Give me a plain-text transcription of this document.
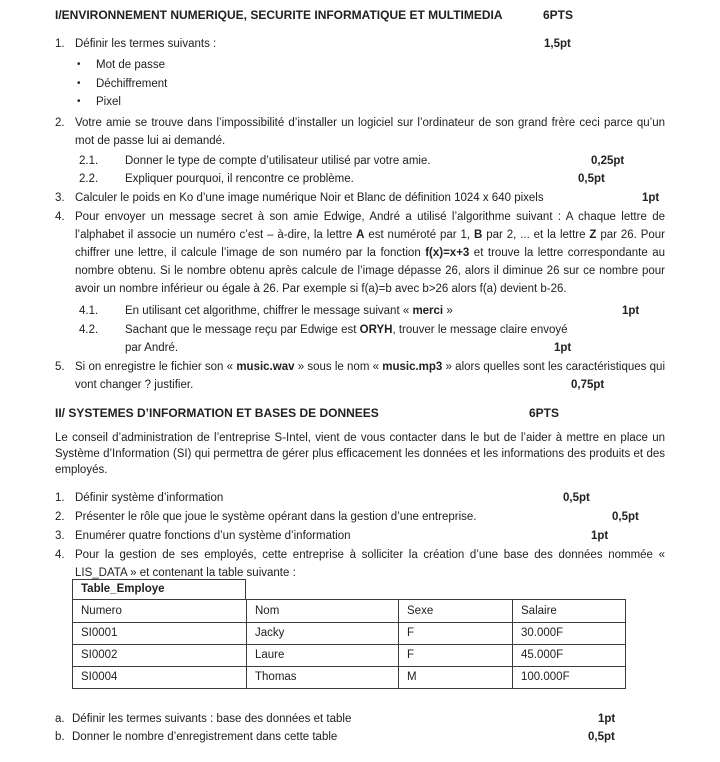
I/ENVIRONNEMENT NUMERIQUE, SECURITE INFORMATIQUE ET MULTIMEDIA	6PTS
1. Définir les termes suivants :	1,5pt
• Mot de passe
• Déchiffrement
• Pixel
2. Votre amie se trouve dans l’impossibilité d’installer un logiciel sur l’ordinateur de son grand frère ceci parce qu’un mot de passe lui ai demandé.
2.1. Donner le type de compte d’utilisateur utilisé par votre amie.	0,25pt
2.2. Expliquer pourquoi, il rencontre ce problème.	0,5pt
3. Calculer le poids en Ko d’une image numérique Noir et Blanc de définition 1024 x 640 pixels	1pt
4. Pour envoyer un message secret à son amie Edwige, André a utilisé l’algorithme suivant : A chaque lettre de l’alphabet il associe un numéro c’est – à-dire, la lettre A est numéroté par 1, B par 2, ... et la lettre Z par 26. Pour chiffrer une lettre, il calcule l’image de son numéro par la fonction f(x)=x+3 et trouve la lettre correspondante au nombre obtenu. Si le nombre obtenu après calcule de l’image dépasse 26, alors il diminue 26 sur ce nombre pour avoir un nombre inférieur ou égale à 26. Par exemple si f(a)=b avec b>26 alors f(a) devient b-26.
4.1. En utilisant cet algorithme, chiffrer le message suivant « merci »	1pt
4.2. Sachant que le message reçu par Edwige est ORYH, trouver le message claire envoyé par André.	1pt
5. Si on enregistre le fichier son « music.wav » sous le nom « music.mp3 » alors quelles sont les caractéristiques qui vont changer ? justifier.	0,75pt
II/ SYSTEMES D’INFORMATION ET BASES DE DONNEES	6PTS
Le conseil d’administration de l’entreprise S-Intel, vient de vous contacter dans le but de l’aider à mettre en place un Système d’Information (SI) qui permettra de gérer plus efficacement les données et les informations des produits et des employés.
1. Définir système d’information	0,5pt
2. Présenter le rôle que joue le système opérant dans la gestion d’une entreprise.	0,5pt
3. Enumérer quatre fonctions d’un système d’information	1pt
4. Pour la gestion de ses employés, cette entreprise à solliciter la création d’une base des données nommée « LIS_DATA » et contenant la table suivante :
Table_Employe
Numero	Nom	Sexe	Salaire
SI0001	Jacky	F	30.000F
SI0002	Laure	F	45.000F
SI0004	Thomas	M	100.000F
a. Définir les termes suivants : base des données et table	1pt
b. Donner le nombre d’enregistrement dans cette table	0,5pt
